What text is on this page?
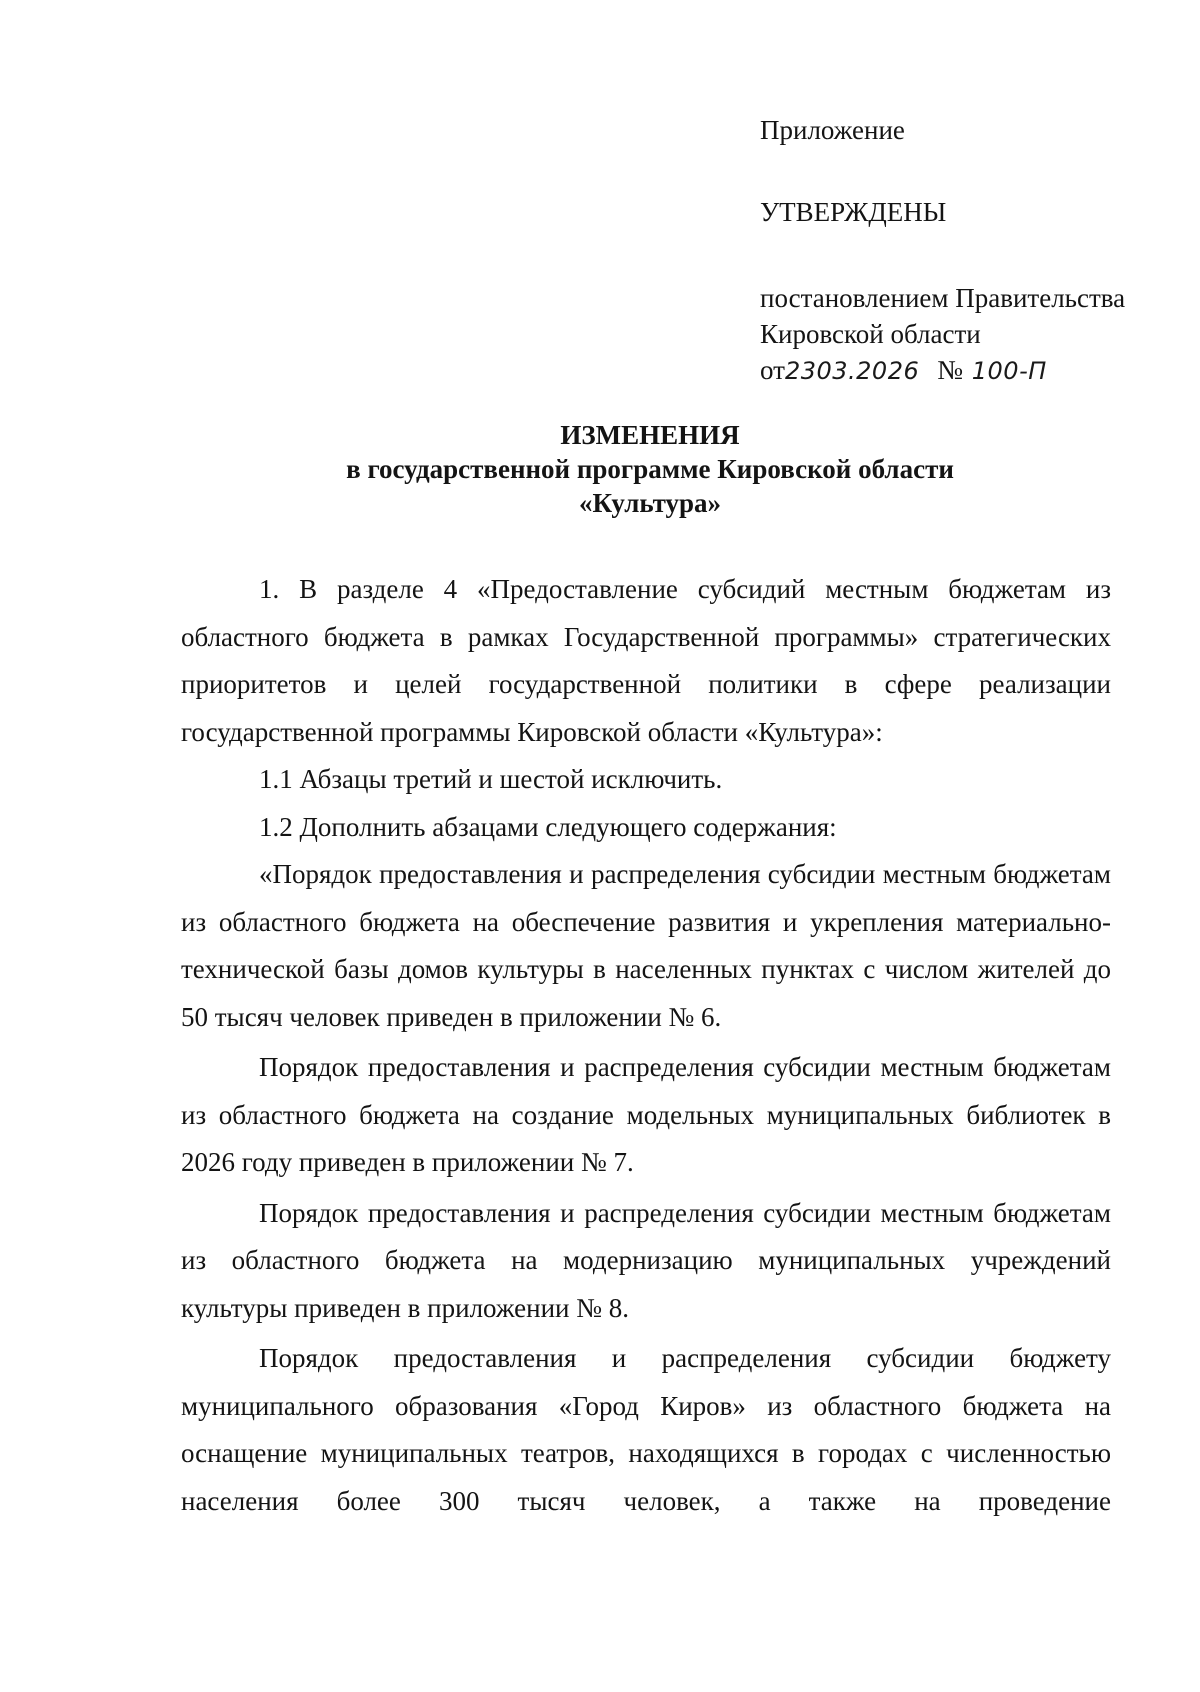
Приложение
УТВЕРЖДЕНЫ
постановлением Правительства
Кировской области
от2303.2026 № 100-П
ИЗМЕНЕНИЯ
в государственной программе Кировской области
«Культура»

1. В разделе 4 «Предоставление субсидий местным бюджетам из областного бюджета в рамках Государственной программы» стратегических приоритетов и целей государственной политики в сфере реализации государственной программы Кировской области «Культура»:

1.1 Абзацы третий и шестой исключить.

1.2 Дополнить абзацами следующего содержания:

«Порядок предоставления и распределения субсидии местным бюджетам из областного бюджета на обеспечение развития и укрепления материально-технической базы домов культуры в населенных пунктах с числом жителей до 50 тысяч человек приведен в приложении № 6.

Порядок предоставления и распределения субсидии местным бюджетам из областного бюджета на создание модельных муниципальных библиотек в 2026 году приведен в приложении № 7.

Порядок предоставления и распределения субсидии местным бюджетам из областного бюджета на модернизацию муниципальных учреждений культуры приведен в приложении № 8.

Порядок предоставления и распределения субсидии бюджету муниципального образования «Город Киров» из областного бюджета на оснащение муниципальных театров, находящихся в городах с численностью населения более 300 тысяч человек, а также на проведение
